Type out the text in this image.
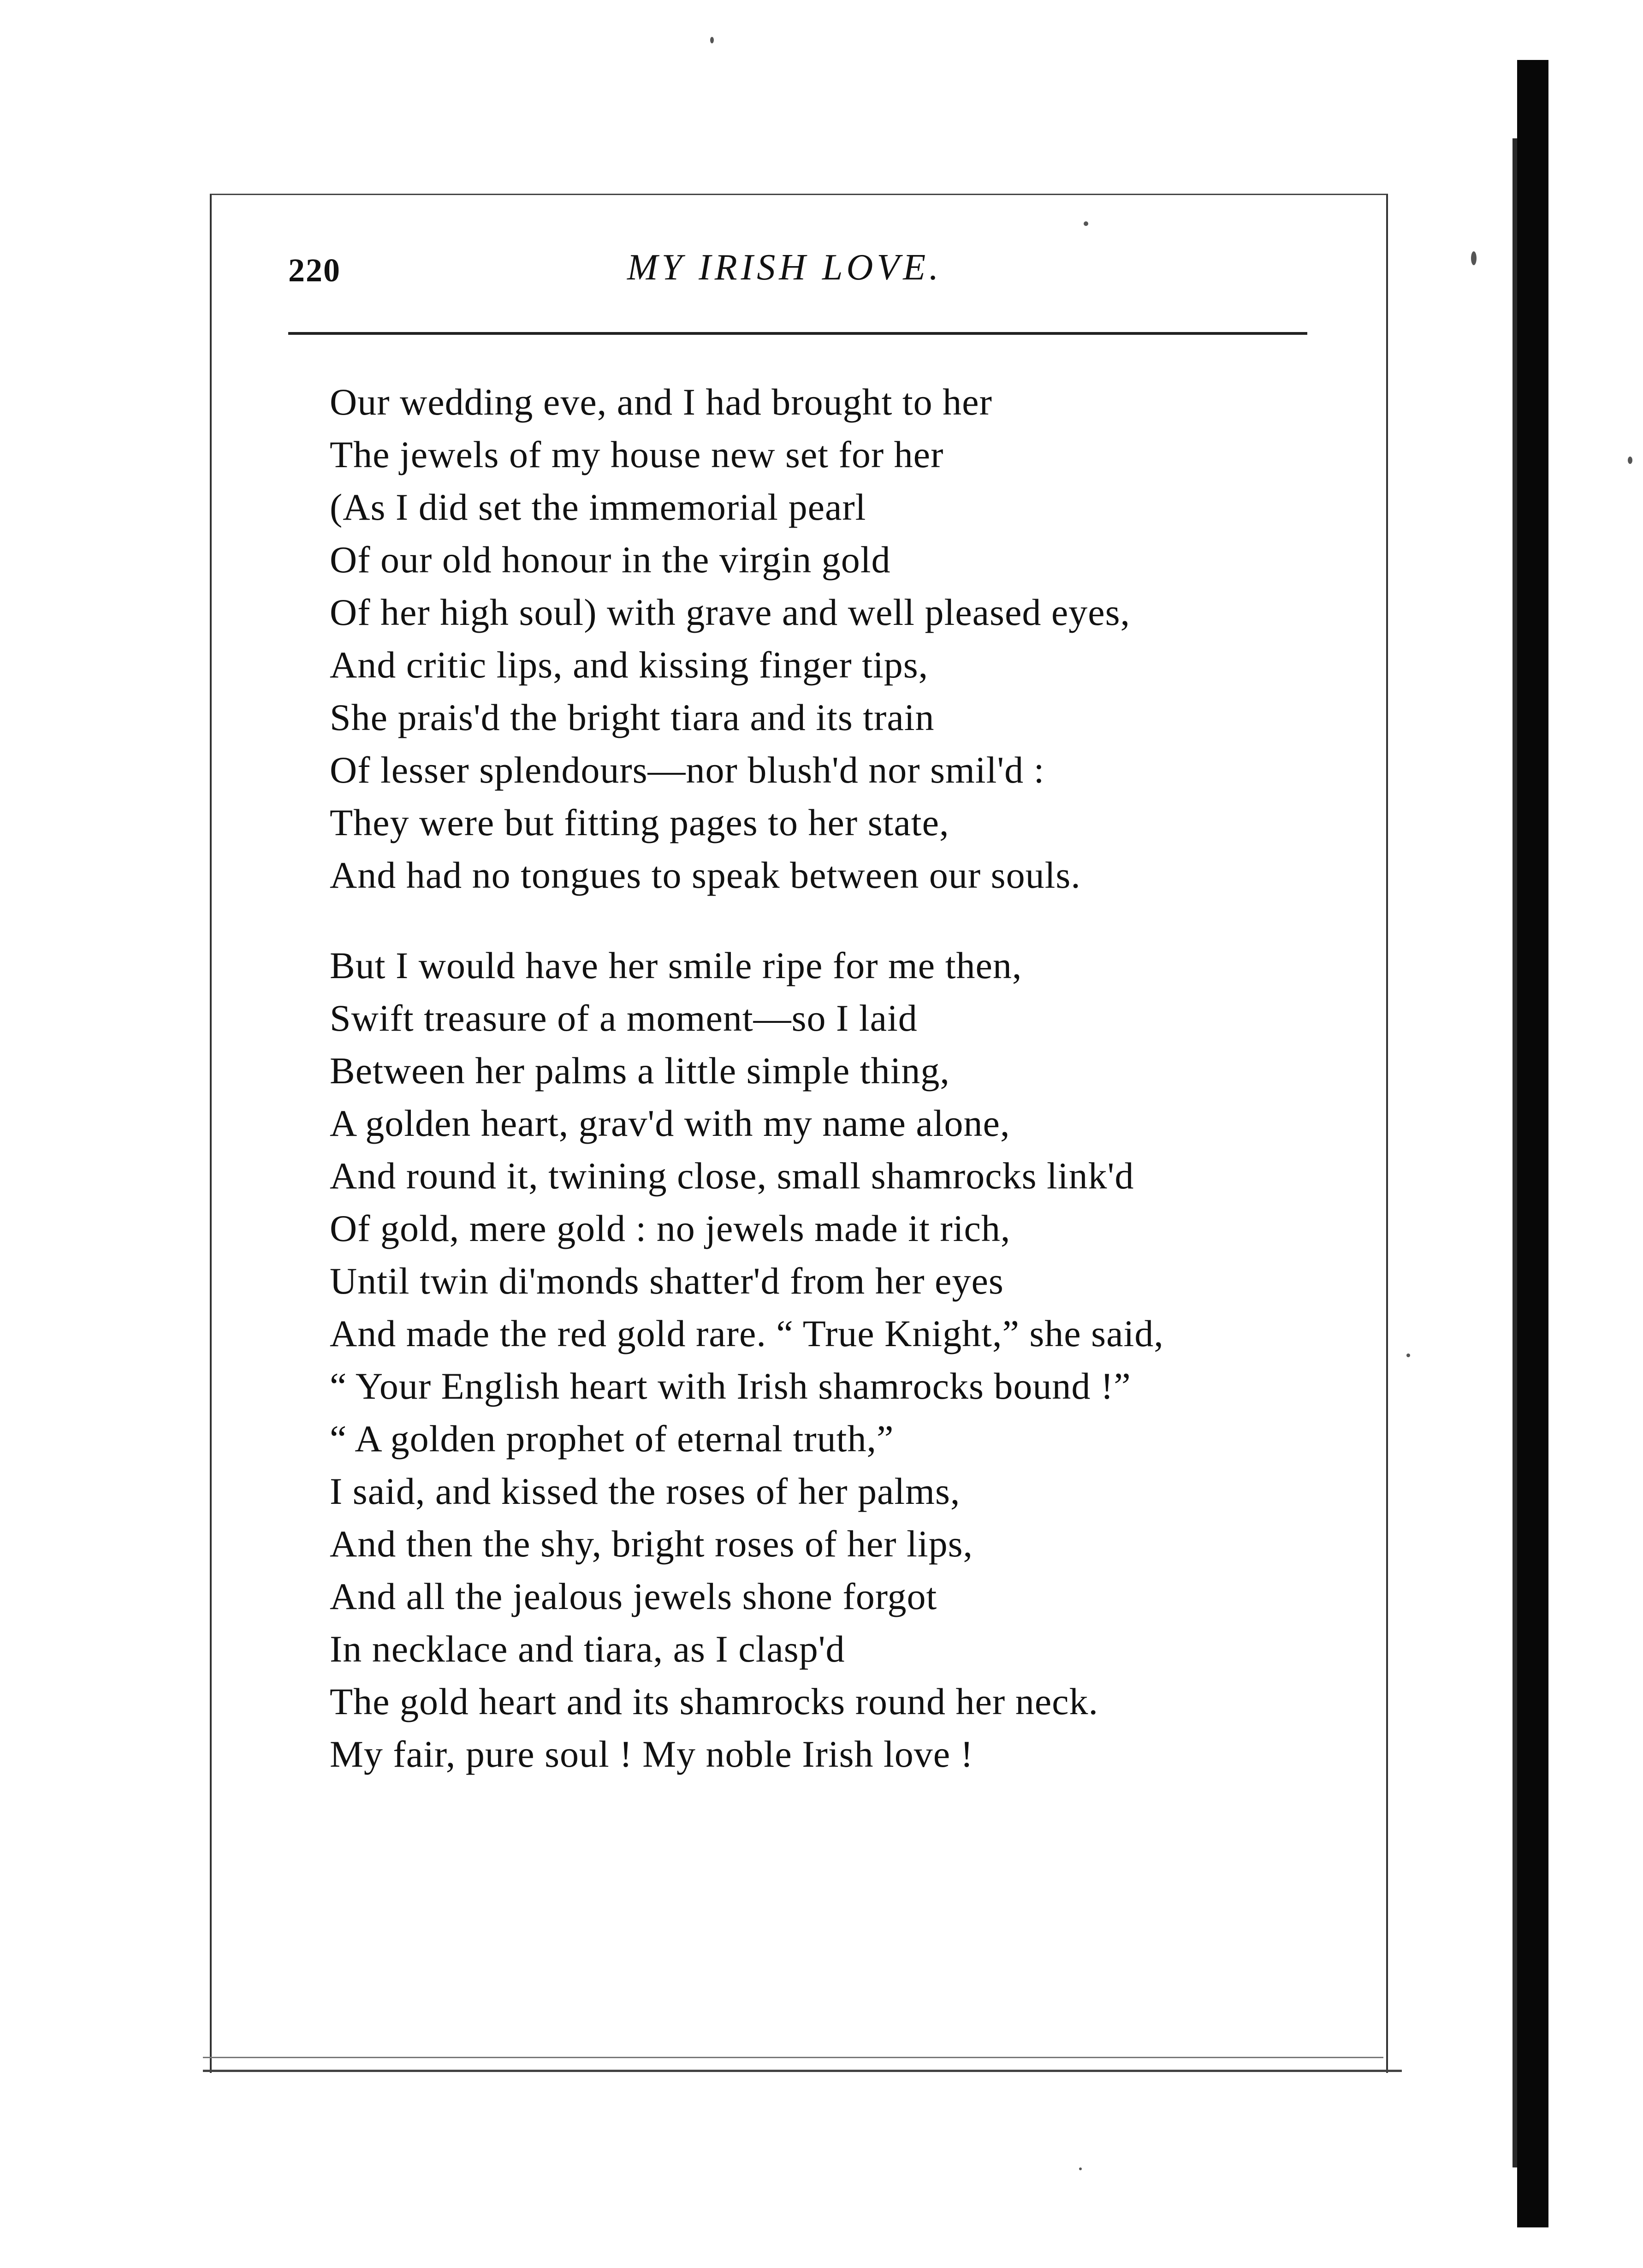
220	MY IRISH LOVE.
Our wedding eve, and I had brought to her
The jewels of my house new set for her
(As I did set the immemorial pearl
Of our old honour in the virgin gold
Of her high soul) with grave and well pleased eyes,
And critic lips, and kissing finger tips,
She prais'd the bright tiara and its train
Of lesser splendours—nor blush'd nor smil'd :
They were but fitting pages to her state,
And had no tongues to speak between our souls.
But I would have her smile ripe for me then,
Swift treasure of a moment—so I laid
Between her palms a little simple thing,
A golden heart, grav'd with my name alone,
And round it, twining close, small shamrocks link'd
Of gold, mere gold : no jewels made it rich,
Until twin di'monds shatter'd from her eyes
And made the red gold rare. “ True Knight,” she said,
“ Your English heart with Irish shamrocks bound !”
“ A golden prophet of eternal truth,”
I said, and kissed the roses of her palms,
And then the shy, bright roses of her lips,
And all the jealous jewels shone forgot
In necklace and tiara, as I clasp'd
The gold heart and its shamrocks round her neck.
My fair, pure soul ! My noble Irish love !
